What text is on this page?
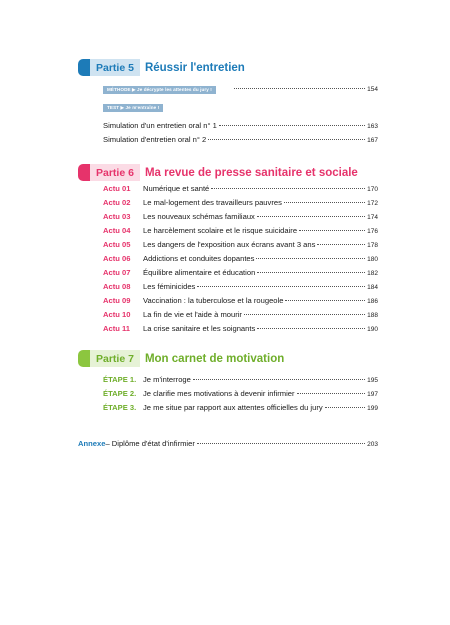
Partie 5 Réussir l'entretien
MÉTHODE ▶ Je décrypte les attentes du jury !	154
TEST ▶ Je m'entraîne !
Simulation d'un entretien oral n° 1	163
Simulation d'entretien oral n° 2	167
Partie 6 Ma revue de presse sanitaire et sociale
Actu 01	Numérique et santé	170
Actu 02	Le mal-logement des travailleurs pauvres	172
Actu 03	Les nouveaux schémas familiaux	174
Actu 04	Le harcèlement scolaire et le risque suicidaire	176
Actu 05	Les dangers de l'exposition aux écrans avant 3 ans	178
Actu 06	Addictions et conduites dopantes	180
Actu 07	Équilibre alimentaire et éducation	182
Actu 08	Les féminicides	184
Actu 09	Vaccination : la tuberculose et la rougeole	186
Actu 10	La fin de vie et l'aide à mourir	188
Actu 11	La crise sanitaire et les soignants	190
Partie 7 Mon carnet de motivation
ÉTAPE 1. Je m'interroge	195
ÉTAPE 2. Je clarifie mes motivations à devenir infirmier	197
ÉTAPE 3. Je me situe par rapport aux attentes officielles du jury	199
Annexe – Diplôme d'état d'infirmier	203
